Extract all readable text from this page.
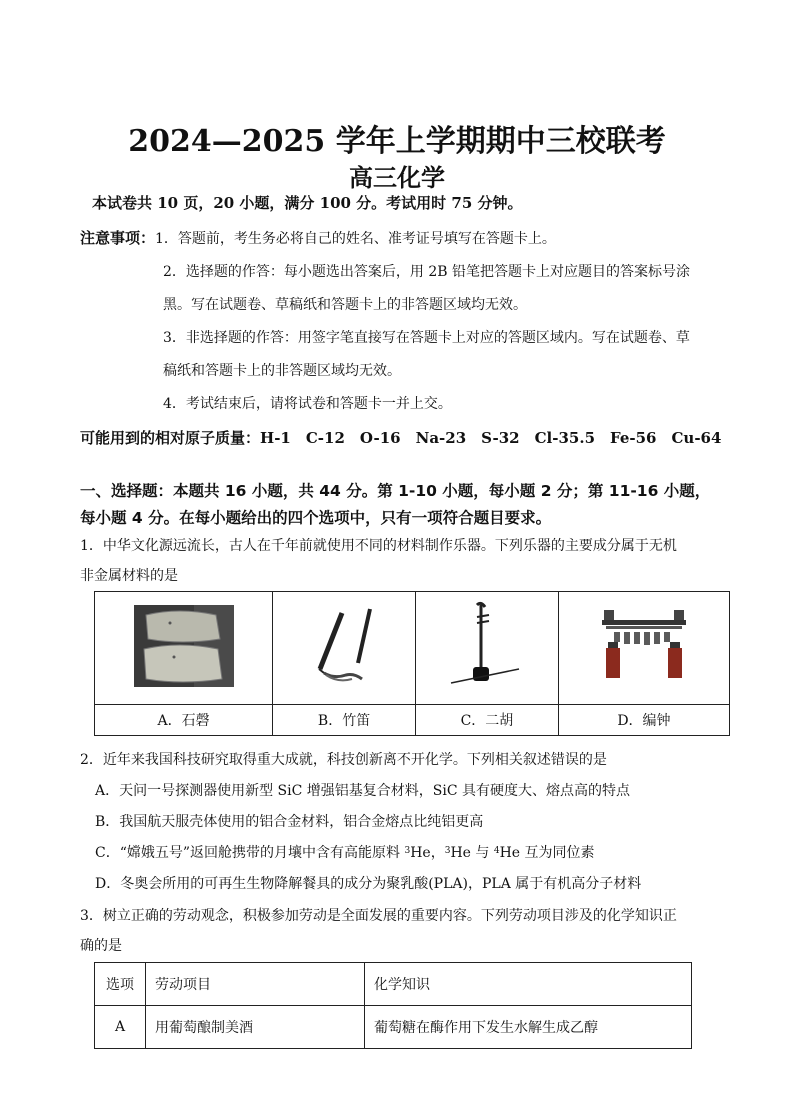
2024—2025 学年上学期期中三校联考
高三化学
本试卷共 10 页，20 小题，满分 100 分。考试用时 75 分钟。
注意事项：1．答题前，考生务必将自己的姓名、准考证号填写在答题卡上。
2．选择题的作答：每小题选出答案后，用 2B 铅笔把答题卡上对应题目的答案标号涂
黑。写在试题卷、草稿纸和答题卡上的非答题区域均无效。
3．非选择题的作答：用签字笔直接写在答题卡上对应的答题区域内。写在试题卷、草
稿纸和答题卡上的非答题区域均无效。
4．考试结束后，请将试卷和答题卡一并上交。
可能用到的相对原子质量：H-1　C-12　O-16　Na-23　S-32　Cl-35.5　Fe-56　Cu-64
一、选择题：本题共 16 小题，共 44 分。第 1-10 小题，每小题 2 分；第 11-16 小题，
每小题 4 分。在每小题给出的四个选项中，只有一项符合题目要求。
1．中华文化源远流长，古人在千年前就使用不同的材料制作乐器。下列乐器的主要成分属于无机
非金属材料的是

A．石磬	B．竹笛	C．二胡	D．编钟
2．近年来我国科技研究取得重大成就，科技创新离不开化学。下列相关叙述错误的是
A．天问一号探测器使用新型 SiC 增强铝基复合材料，SiC 具有硬度大、熔点高的特点
B．我国航天服壳体使用的铝合金材料，铝合金熔点比纯铝更高
C．“嫦娥五号”返回舱携带的月壤中含有高能原料 $^3$He，$^3$He 与 $^4$He 互为同位素
D．冬奥会所用的可再生生物降解餐具的成分为聚乳酸(PLA)，PLA 属于有机高分子材料
3．树立正确的劳动观念，积极参加劳动是全面发展的重要内容。下列劳动项目涉及的化学知识正
确的是
选项	劳动项目	化学知识
A	用葡萄酿制美酒	葡萄糖在酶作用下发生水解生成乙醇
